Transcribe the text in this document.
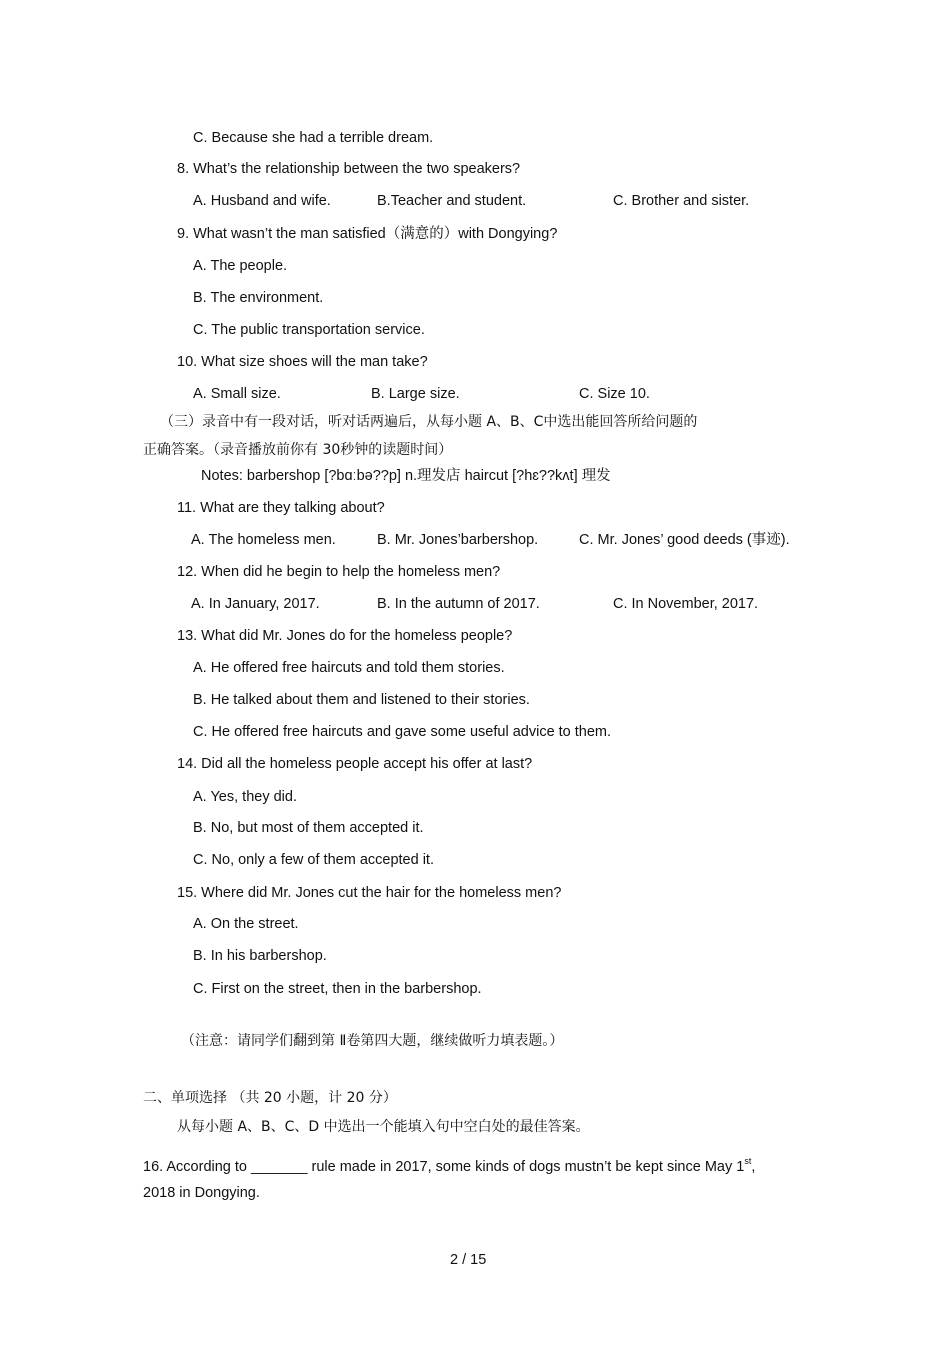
C. Because she had a terrible dream.
8. What’s the relationship between the two speakers?
A. Husband and wife.	B.Teacher and student.	C. Brother and sister.
9. What wasn’t the man satisfied（满意的）with Dongying?
A. The people.
B. The environment.
C. The public transportation service.
10. What size shoes will the man take?
A. Small size.	B. Large size.	C. Size 10.
（三）录音中有一段对话，听对话两遍后，从每小题 A、B、C中选出能回答所给问题的
正确答案。（录音播放前你有 30秒钟的读题时间）
Notes: barbershop [?bɑːbə??p] n.理发店 haircut [?hɛ??kʌt] 理发
11. What are they talking about?
A. The homeless men.	B. Mr. Jones’barbershop.	C. Mr. Jones’ good deeds (事迹).
12. When did he begin to help the homeless men?
A. In January, 2017.	B. In the autumn of 2017.	C. In November, 2017.
13. What did Mr. Jones do for the homeless people?
A. He offered free haircuts and told them stories.
B. He talked about them and listened to their stories.
C. He offered free haircuts and gave some useful advice to them.
14. Did all the homeless people accept his offer at last?
A. Yes, they did.
B. No, but most of them accepted it.
C. No, only a few of them accepted it.
15. Where did Mr. Jones cut the hair for the homeless men?
A. On the street.
B. In his barbershop.
C. First on the street, then in the barbershop.
（注意：请同学们翻到第 Ⅱ卷第四大题，继续做听力填表题。）
二、单项选择 （共 20 小题，计 20 分）
从每小题 A、B、C、D 中选出一个能填入句中空白处的最佳答案。
16. According to _______ rule made in 2017, some kinds of dogs mustn’t be kept since May 1st,
2018 in Dongying.
2 / 15
